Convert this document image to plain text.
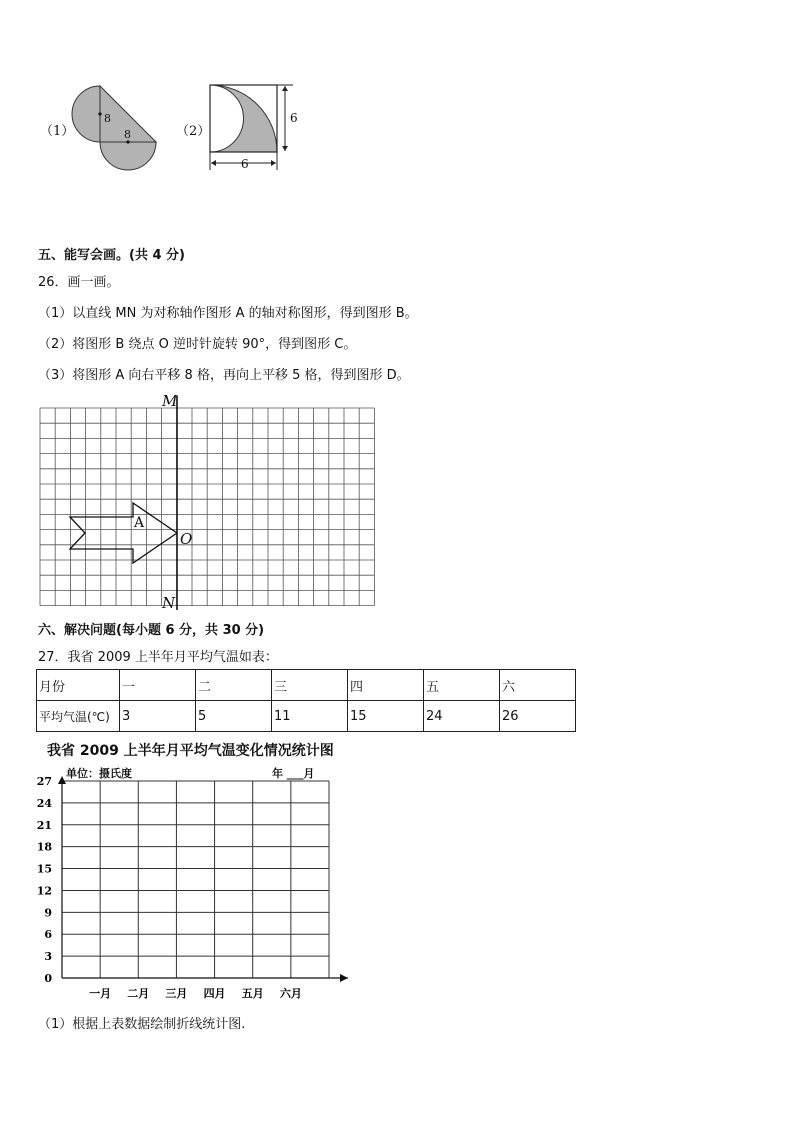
（1）
8
8	（2）
6
6
五、能写会画。(共 4 分)
26．画一画。
（1）以直线 MN 为对称轴作图形 A 的轴对称图形，得到图形 B。
（2）将图形 B 绕点 O 逆时针旋转 90°，得到图形 C。
（3）将图形 A 向右平移 8 格，再向上平移 5 格，得到图形 D。
M
N
O
A
六、解决问题(每小题 6 分，共 30 分)
27．我省 2009 上半年月平均气温如表：
月份	一	二	三	四	五	六
平均气温(℃)	3	5	11	15	24	26
我省 2009 上半年月平均气温变化情况统计图
单位：摄氏度	年 ___月
27
24
21
18
15
12
9
6
3
0
一月 二月 三月 四月 五月 六月
（1）根据上表数据绘制折线统计图.
